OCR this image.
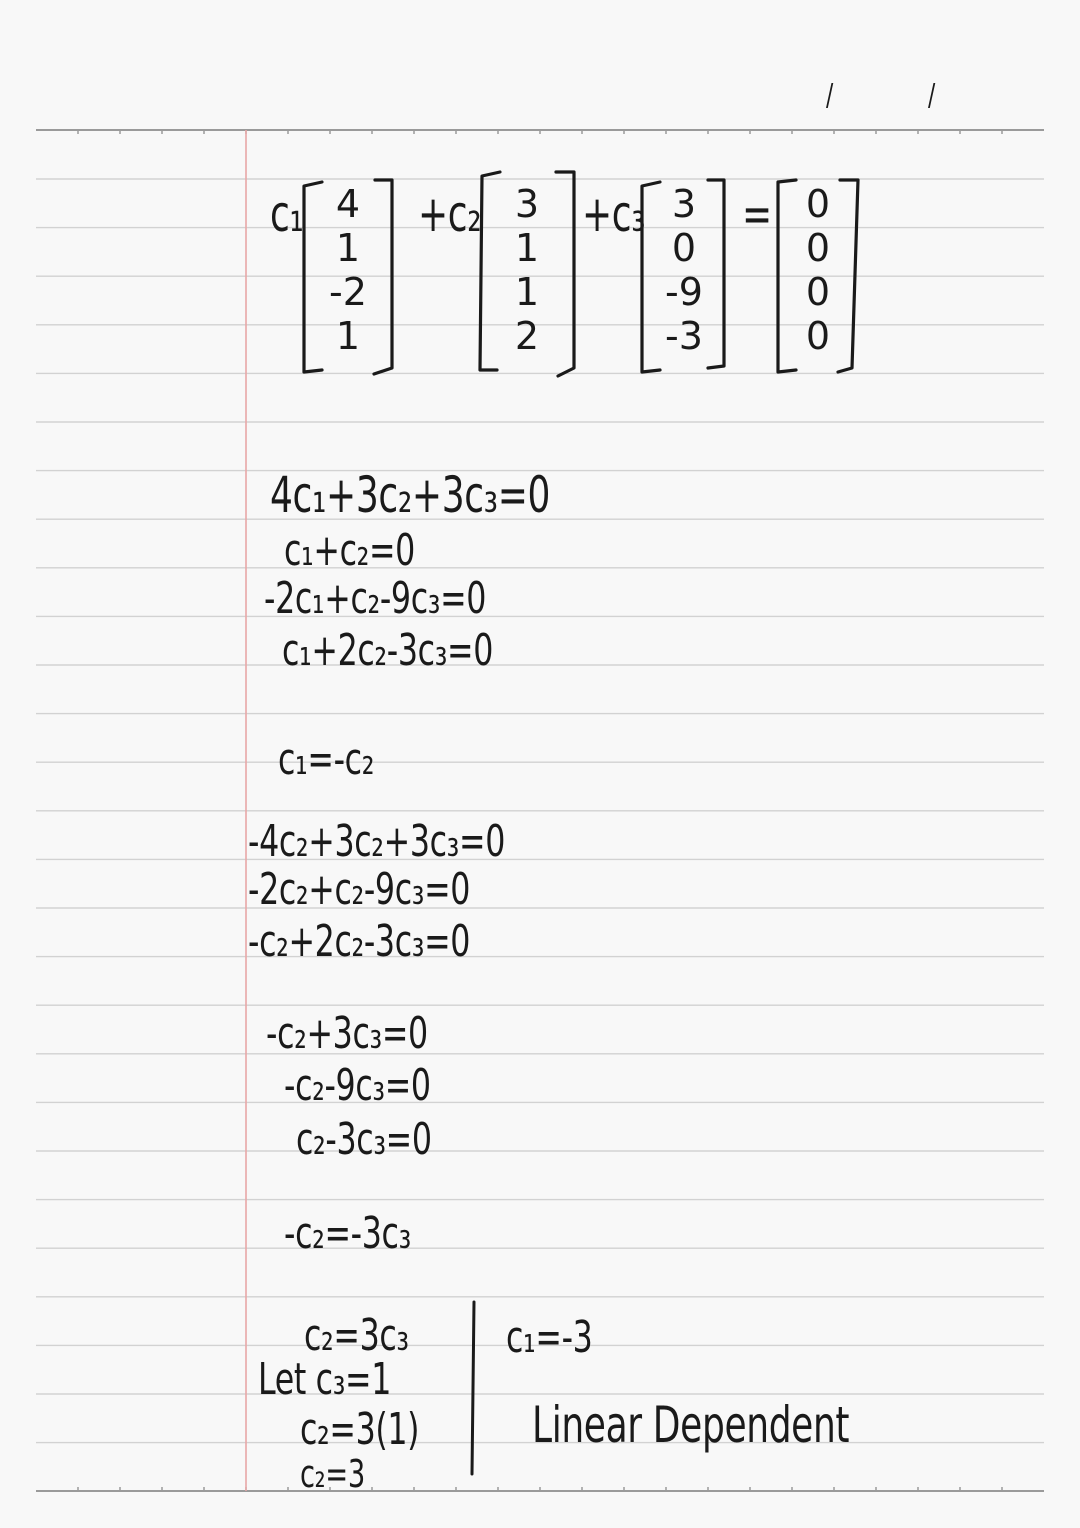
/	/
c₁ 4
1
-2
1
+c₂ 3
1
1
2
+c₃ 3
0
-9
-3
= 0
0
0
0
4c₁+3c₂+3c₃=0
c₁+c₂=0
-2c₁+c₂-9c₃=0
c₁+2c₂-3c₃=0
c₁=-c₂
-4c₂+3c₂+3c₃=0
-2c₂+c₂-9c₃=0
-c₂+2c₂-3c₃=0
-c₂+3c₃=0
-c₂-9c₃=0
c₂-3c₃=0
-c₂=-3c₃
c₂=3c₃
Let c₃=1
c₂=3(1)
c₂=3
c₁=-3
Linear Dependent
